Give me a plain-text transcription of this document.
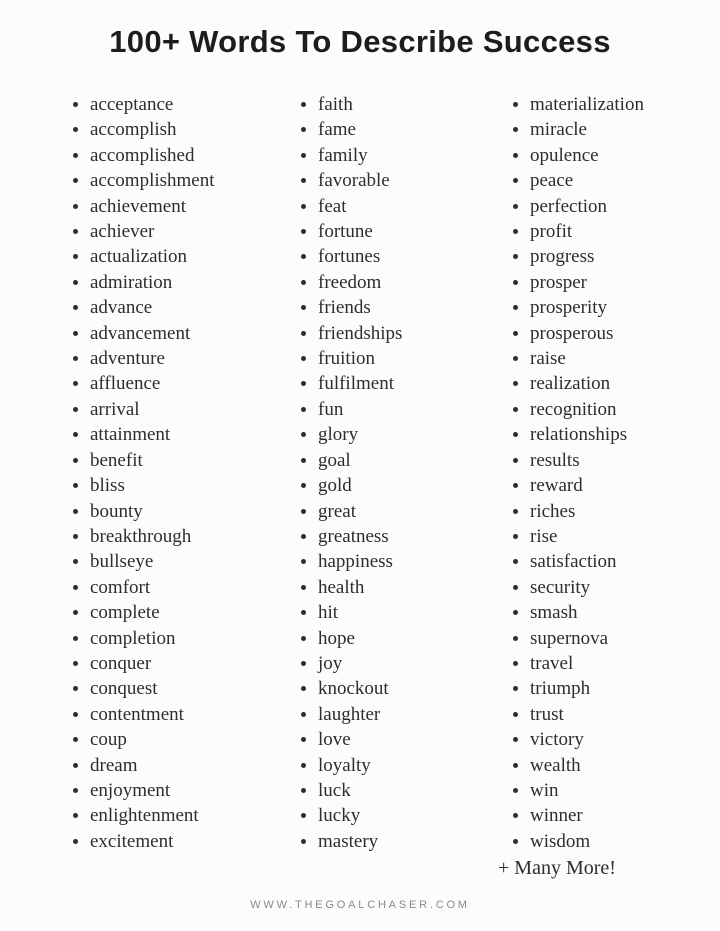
100+ Words To Describe Success
acceptance
accomplish
accomplished
accomplishment
achievement
achiever
actualization
admiration
advance
advancement
adventure
affluence
arrival
attainment
benefit
bliss
bounty
breakthrough
bullseye
comfort
complete
completion
conquer
conquest
contentment
coup
dream
enjoyment
enlightenment
excitement
faith
fame
family
favorable
feat
fortune
fortunes
freedom
friends
friendships
fruition
fulfilment
fun
glory
goal
gold
great
greatness
happiness
health
hit
hope
joy
knockout
laughter
love
loyalty
luck
lucky
mastery
materialization
miracle
opulence
peace
perfection
profit
progress
prosper
prosperity
prosperous
raise
realization
recognition
relationships
results
reward
riches
rise
satisfaction
security
smash
supernova
travel
triumph
trust
victory
wealth
win
winner
wisdom
+ Many More!
WWW.THEGOALCHASER.COM
